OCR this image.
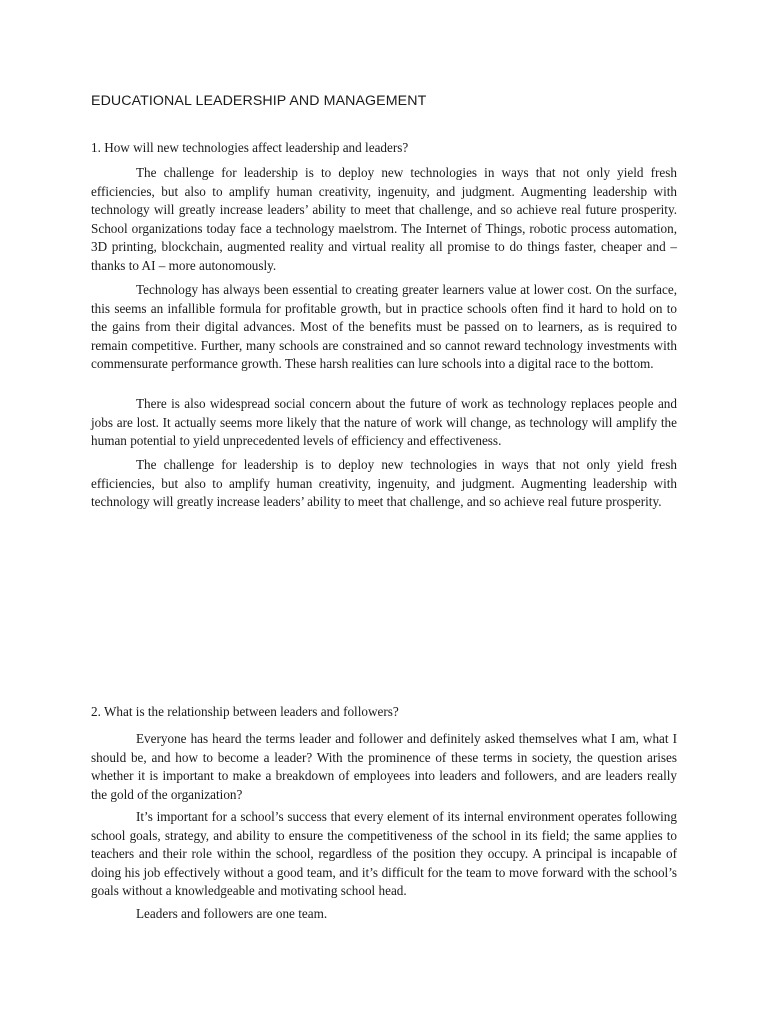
EDUCATIONAL LEADERSHIP AND MANAGEMENT

1. How will new technologies affect leadership and leaders?

The challenge for leadership is to deploy new technologies in ways that not only yield fresh efficiencies, but also to amplify human creativity, ingenuity, and judgment. Augmenting leadership with technology will greatly increase leaders’ ability to meet that challenge, and so achieve real future prosperity. School organizations today face a technology maelstrom. The Internet of Things, robotic process automation, 3D printing, blockchain, augmented reality and virtual reality all promise to do things faster, cheaper and – thanks to AI – more autonomously.

Technology has always been essential to creating greater learners value at lower cost. On the surface, this seems an infallible formula for profitable growth, but in practice schools often find it hard to hold on to the gains from their digital advances. Most of the benefits must be passed on to learners, as is required to remain competitive. Further, many schools are constrained and so cannot reward technology investments with commensurate performance growth. These harsh realities can lure schools into a digital race to the bottom.

There is also widespread social concern about the future of work as technology replaces people and jobs are lost. It actually seems more likely that the nature of work will change, as technology will amplify the human potential to yield unprecedented levels of efficiency and effectiveness.

The challenge for leadership is to deploy new technologies in ways that not only yield fresh efficiencies, but also to amplify human creativity, ingenuity, and judgment. Augmenting leadership with technology will greatly increase leaders’ ability to meet that challenge, and so achieve real future prosperity.

2. What is the relationship between leaders and followers?

Everyone has heard the terms leader and follower and definitely asked themselves what I am, what I should be, and how to become a leader? With the prominence of these terms in society, the question arises whether it is important to make a breakdown of employees into leaders and followers, and are leaders really the gold of the organization?

It’s important for a school’s success that every element of its internal environment operates following school goals, strategy, and ability to ensure the competitiveness of the school in its field; the same applies to teachers and their role within the school, regardless of the position they occupy. A principal is incapable of doing his job effectively without a good team, and it’s difficult for the team to move forward with the school’s goals without a knowledgeable and motivating school head.

Leaders and followers are one team.
